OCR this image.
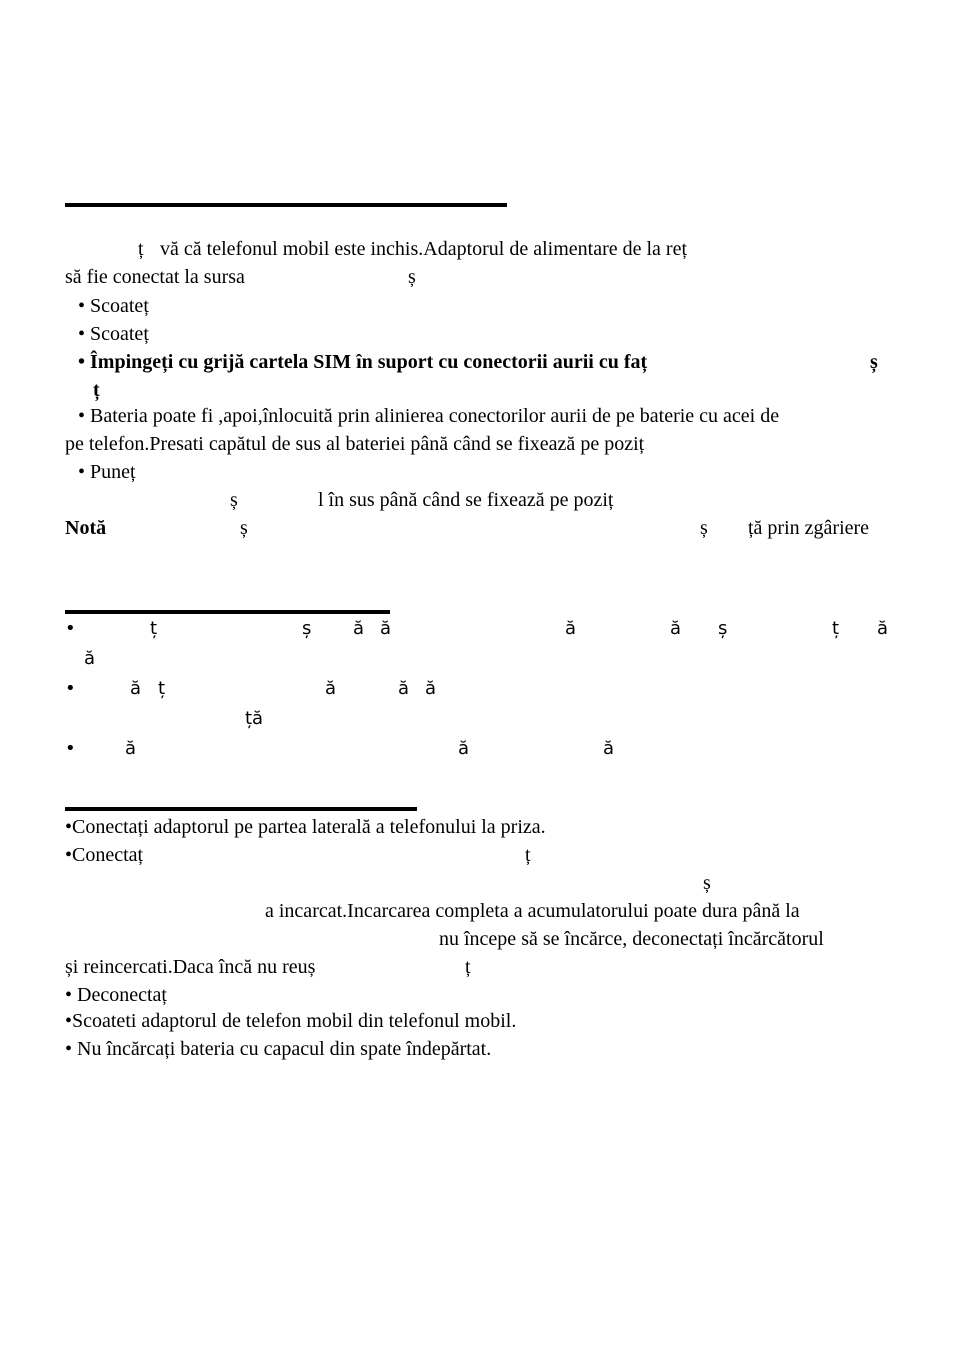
ț vă că telefonul mobil este inchis.Adaptorul de alimentare de la reț
să fie conectat la sursa	ș
• Scoateț
• Scoateț
• Împingeți cu grijă cartela SIM în suport cu conectorii aurii cu faț	ș
ț
• Bateria poate fi ,apoi,înlocuită prin alinierea conectorilor aurii de pe baterie cu acei de
pe telefon.Presati capătul de sus al bateriei până când se fixează pe poziț
• Puneț
ș	l în sus până când se fixează pe poziț
Notă	ș	ș ță prin zgâriere
•	ț	ș ă ă	ă	ă ș	ț ă
ă
•	ă ț	ă	ă ă
ță
•	ă	ă	ă
•Conectați adaptorul pe partea laterală a telefonului la priza.
•Conectaț	ț
ș
a incarcat.Incarcarea completa a acumulatorului poate dura până la
nu începe să se încărce, deconectați încărcătorul
și reincercati.Daca încă nu reuș	ț
• Deconectaț
•Scoateti adaptorul de telefon mobil din telefonul mobil.
• Nu încărcați bateria cu capacul din spate îndepărtat.
